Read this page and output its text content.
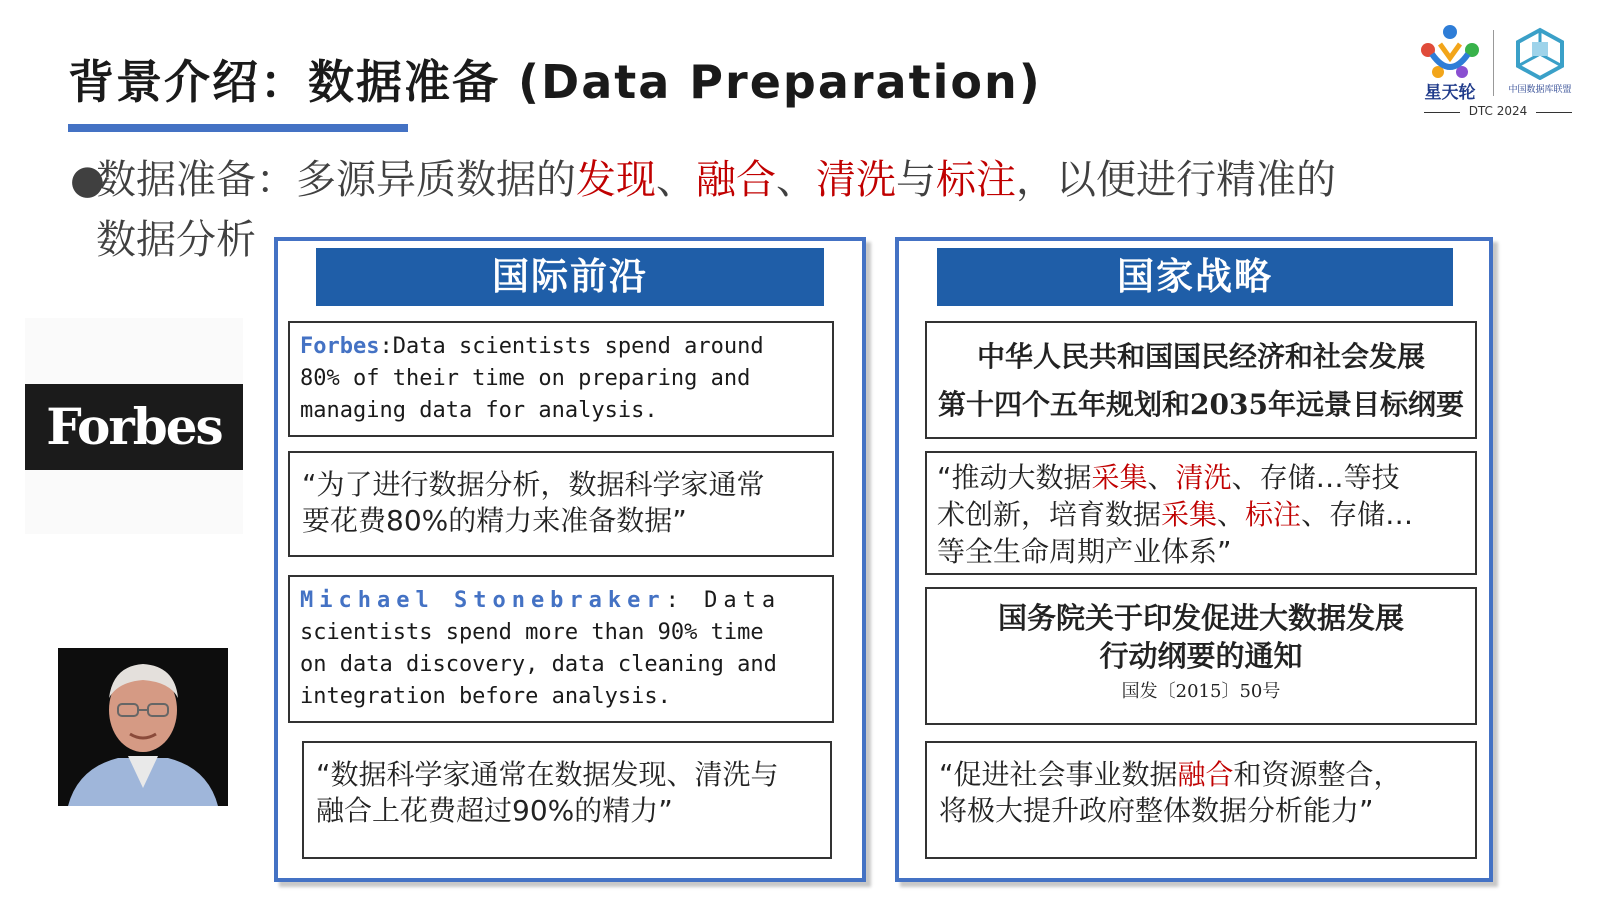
背景介绍：数据准备 (Data Preparation)	星天轮	中国数据库联盟
DTC 2024
●数据准备：多源异质数据的发现、融合、清洗与标注，以便进行精准的
数据分析
Forbes
国际前沿
Forbes:Data scientists spend around
80% of their time on preparing and
managing data for analysis.
“为了进行数据分析，数据科学家通常
要花费80%的精力来准备数据”
Michael Stonebraker: Data
scientists spend more than 90% time
on data discovery, data cleaning and
integration before analysis.
“数据科学家通常在数据发现、清洗与
融合上花费超过90%的精力”
国家战略
中华人民共和国国民经济和社会发展
第十四个五年规划和2035年远景目标纲要
“推动大数据采集、清洗、存储…等技
术创新，培育数据采集、标注、存储…
等全生命周期产业体系”
国务院关于印发促进大数据发展
行动纲要的通知
国发〔2015〕50号
“促进社会事业数据融合和资源整合，
将极大提升政府整体数据分析能力”
